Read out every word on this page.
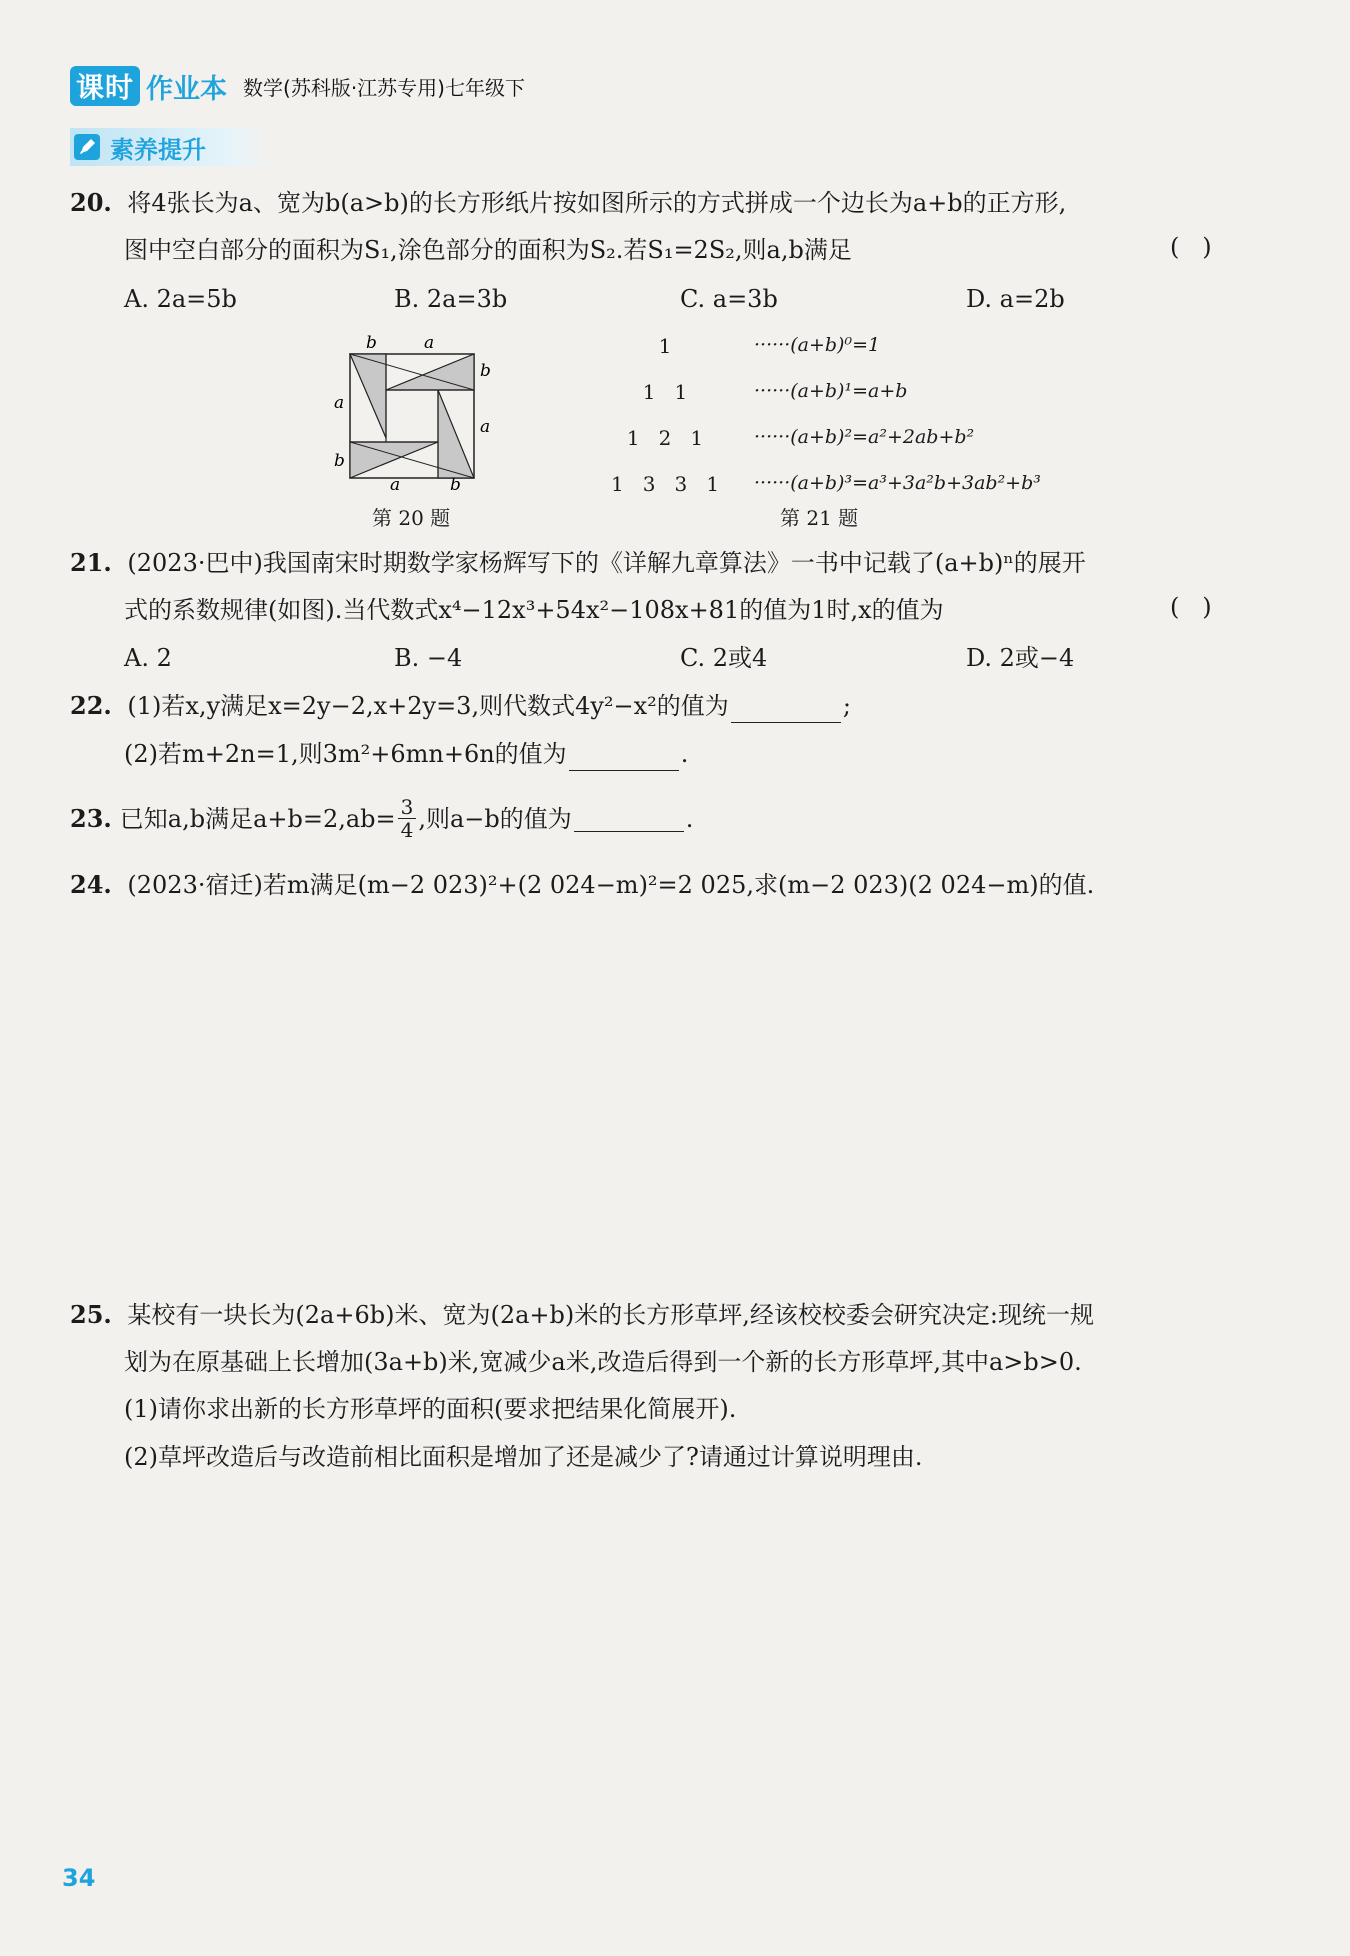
课时 作业本 数学(苏科版·江苏专用)七年级下
素养提升
20. 将4张长为a、宽为b(a>b)的长方形纸片按如图所示的方式拼成一个边长为a+b的正方形,
图中空白部分的面积为S₁,涂色部分的面积为S₂.若S₁=2S₂,则a,b满足	(   )
A. 2a=5b	B. 2a=3b	C. a=3b	D. a=2b
b	a
b
a
a
b
a	b
第 20 题
1
1   1
1   2   1
1   3   3   1
······(a+b)⁰=1
······(a+b)¹=a+b
······(a+b)²=a²+2ab+b²
······(a+b)³=a³+3a²b+3ab²+b³
第 21 题
21. (2023·巴中)我国南宋时期数学家杨辉写下的《详解九章算法》一书中记载了(a+b)ⁿ的展开
式的系数规律(如图).当代数式x⁴−12x³+54x²−108x+81的值为1时,x的值为	(   )
A. 2	B. −4	C. 2或4	D. 2或−4
22. (1)若x,y满足x=2y−2,x+2y=3,则代数式4y²−x²的值为	;
(2)若m+2n=1,则3m²+6mn+6n的值为	.
23. 已知a,b满足$a+b=2,ab= \frac{3}{4}$ ,则a−b的值为	.
24. (2023·宿迁)若m满足(m−2 023)²+(2 024−m)²=2 025,求(m−2 023)(2 024−m)的值.
25. 某校有一块长为(2a+6b)米、宽为(2a+b)米的长方形草坪,经该校校委会研究决定:现统一规
划为在原基础上长增加(3a+b)米,宽减少a米,改造后得到一个新的长方形草坪,其中a>b>0.
(1)请你求出新的长方形草坪的面积(要求把结果化简展开).
(2)草坪改造后与改造前相比面积是增加了还是减少了?请通过计算说明理由.
34
